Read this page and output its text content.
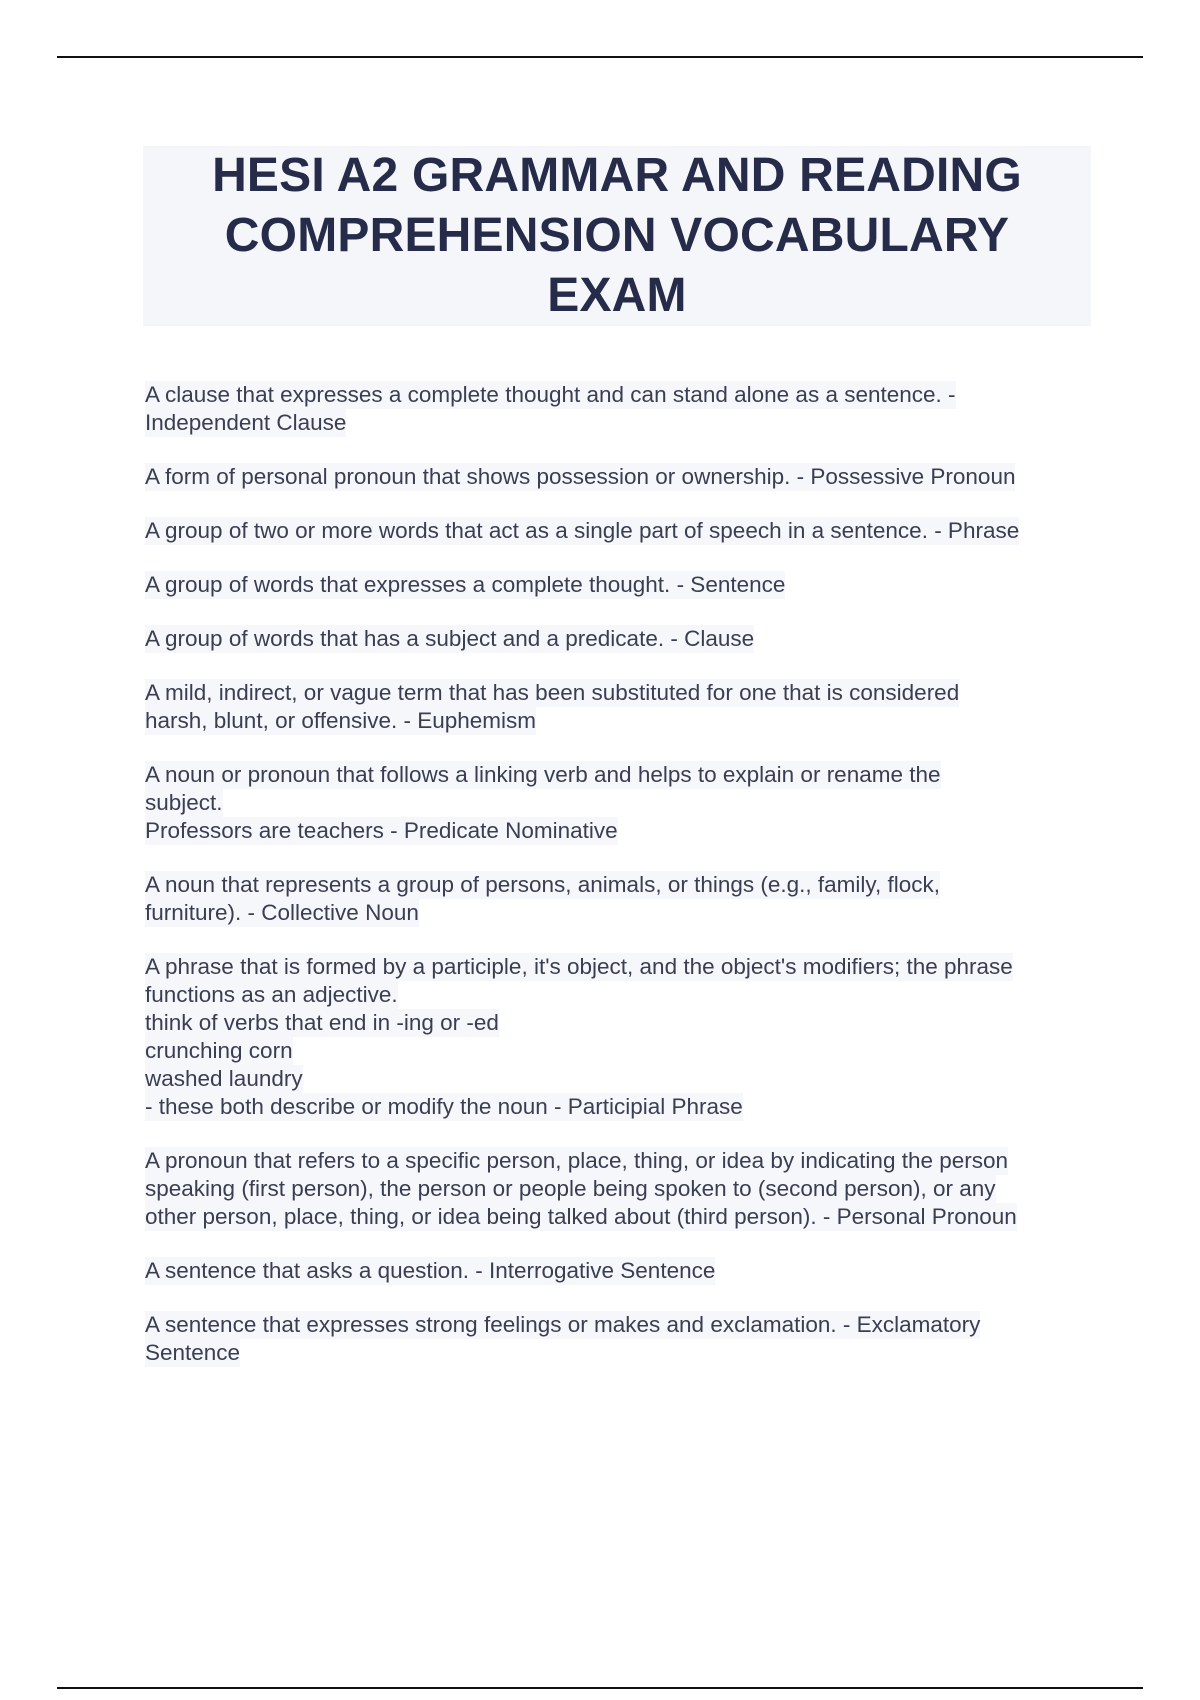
HESI A2 GRAMMAR AND READING
COMPREHENSION VOCABULARY
EXAM
A clause that expresses a complete thought and can stand alone as a sentence. -
Independent Clause
A form of personal pronoun that shows possession or ownership. - Possessive Pronoun
A group of two or more words that act as a single part of speech in a sentence. - Phrase
A group of words that expresses a complete thought. - Sentence
A group of words that has a subject and a predicate. - Clause
A mild, indirect, or vague term that has been substituted for one that is considered
harsh, blunt, or offensive. - Euphemism
A noun or pronoun that follows a linking verb and helps to explain or rename the
subject.
Professors are teachers - Predicate Nominative
A noun that represents a group of persons, animals, or things (e.g., family, flock,
furniture). - Collective Noun
A phrase that is formed by a participle, it's object, and the object's modifiers; the phrase
functions as an adjective.
think of verbs that end in -ing or -ed
crunching corn
washed laundry
- these both describe or modify the noun - Participial Phrase
A pronoun that refers to a specific person, place, thing, or idea by indicating the person
speaking (first person), the person or people being spoken to (second person), or any
other person, place, thing, or idea being talked about (third person). - Personal Pronoun
A sentence that asks a question. - Interrogative Sentence
A sentence that expresses strong feelings or makes and exclamation. - Exclamatory
Sentence
